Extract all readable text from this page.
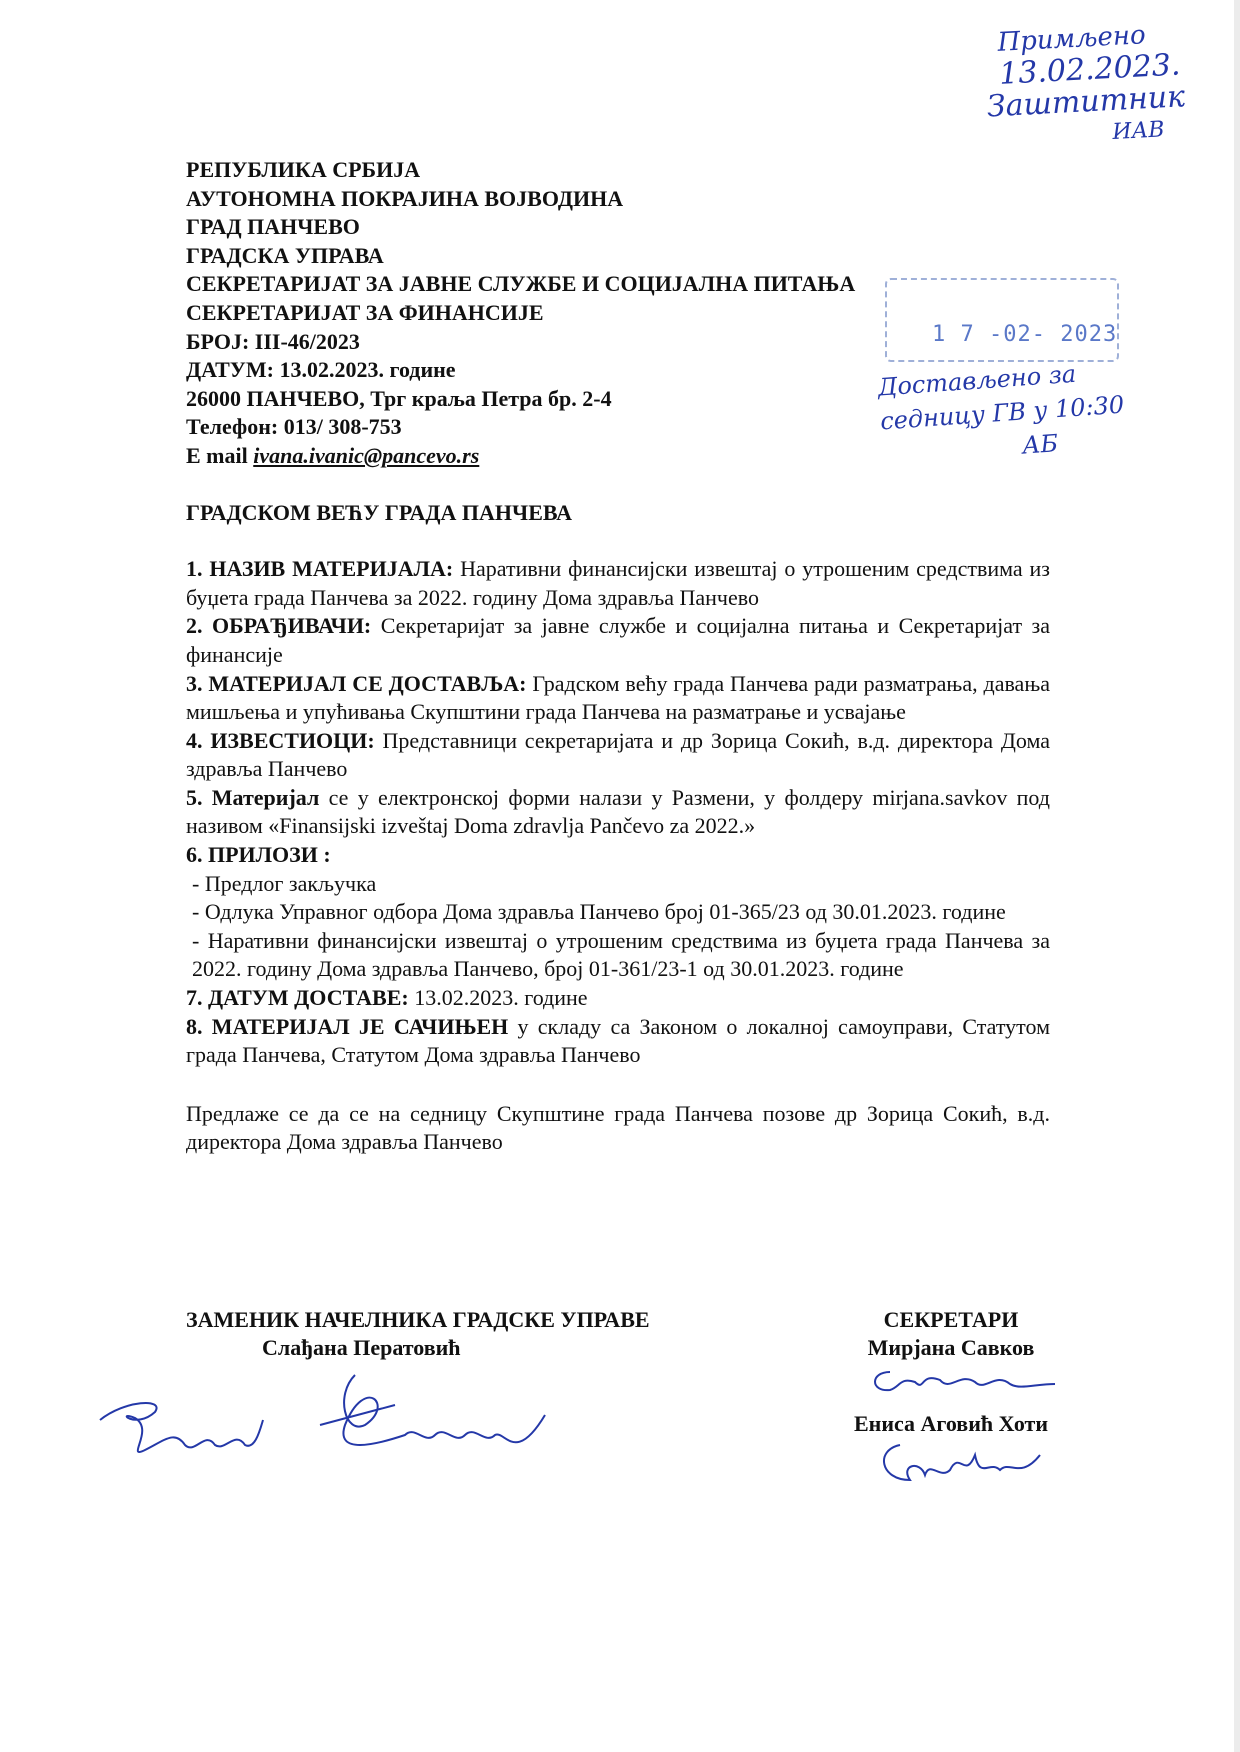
Примљено
13.02.2023.
Заштитник
ИАВ
1 7 -02- 2023
Достављено за
седницу ГВ у 10:30
АБ

РЕПУБЛИКА СРБИЈА

АУТОНОМНА ПОКРАЈИНА ВОЈВОДИНА

ГРАД ПАНЧЕВО

ГРАДСКА УПРАВА

СЕКРЕТАРИЈАТ ЗА ЈАВНЕ СЛУЖБЕ И СОЦИЈАЛНА ПИТАЊА

СЕКРЕТАРИЈАТ ЗА ФИНАНСИЈЕ

БРОЈ: III-46/2023

ДАТУМ: 13.02.2023. године

26000 ПАНЧЕВО, Трг краља Петра бр. 2-4

Телефон: 013/ 308-753

E mail ivana.ivanic@pancevo.rs

ГРАДСКОМ ВЕЋУ ГРАДА ПАНЧЕВА

1. НАЗИВ МАТЕРИЈАЛА: Наративни финансијски извештај о утрошеним средствима из буџета града Панчева за 2022. годину Дома здравља Панчево

2. ОБРАЂИВАЧИ: Секретаријат за јавне службе и социјална питања и Секретаријат за финансије

3. МАТЕРИЈАЛ СЕ ДОСТАВЉА: Градском већу града Панчева ради разматрања, давања мишљења и упућивања Скупштини града Панчева на разматрање и усвајање

4. ИЗВЕСТИОЦИ: Представници секретаријата и др Зорица Сокић, в.д. директора Дома здравља Панчево

5. Материјал се у електронској форми налази у Размени, у фолдеру mirjana.savkov под називом «Finansijski izveštaj Doma zdravlja Pančevo za 2022.»

6. ПРИЛОЗИ :

- Предлог закључка

- Одлука Управног одбора Дома здравља Панчево број 01-365/23 од 30.01.2023. године

- Наративни финансијски извештај о утрошеним средствима из буџета града Панчева за 2022. годину Дома здравља Панчево, број 01-361/23-1 од 30.01.2023. године

7. ДАТУМ ДОСТАВЕ: 13.02.2023. године

8. МАТЕРИЈАЛ ЈЕ САЧИЊЕН у складу са Законом о локалној самоуправи, Статутом града Панчева, Статутом Дома здравља Панчево

Предлаже се да се на седницу Скупштине града Панчева позове др Зорица Сокић, в.д. директора Дома здравља Панчево

ЗАМЕНИК НАЧЕЛНИКА ГРАДСКЕ УПРАВЕ
Слађана Ператовић
СЕКРЕТАРИ
Мирјана Савков
Ениса Аговић Хоти
